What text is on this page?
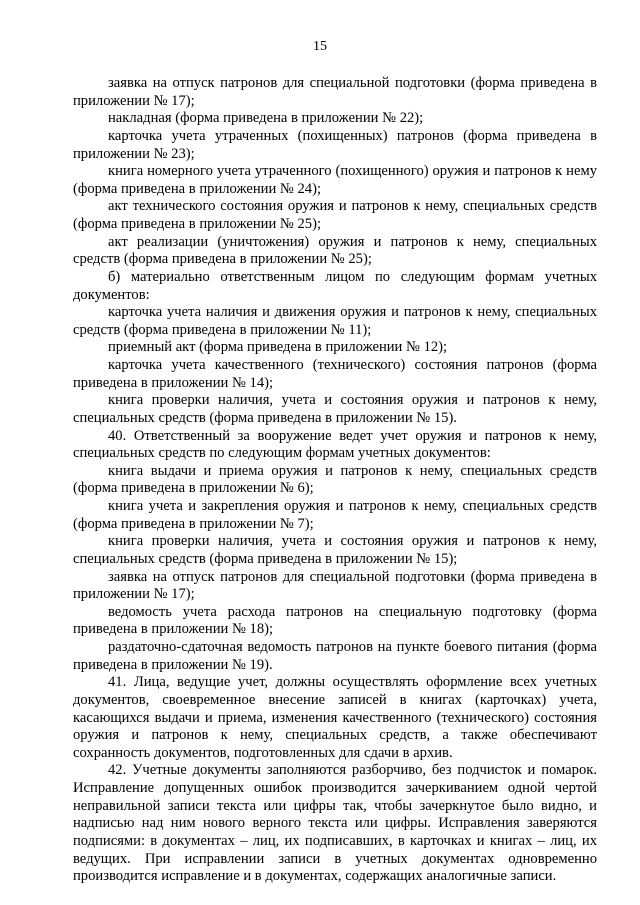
15

заявка на отпуск патронов для специальной подготовки (форма приведена в приложении № 17);

накладная (форма приведена в приложении № 22);

карточка учета утраченных (похищенных) патронов (форма приведена в приложении № 23);

книга номерного учета утраченного (похищенного) оружия и патронов к нему (форма приведена в приложении № 24);

акт технического состояния оружия и патронов к нему, специальных средств (форма приведена в приложении № 25);

акт реализации (уничтожения) оружия и патронов к нему, специальных средств (форма приведена в приложении № 25);

б) материально ответственным лицом по следующим формам учетных документов:

карточка учета наличия и движения оружия и патронов к нему, специальных средств (форма приведена в приложении № 11);

приемный акт (форма приведена в приложении № 12);

карточка учета качественного (технического) состояния патронов (форма приведена в приложении № 14);

книга проверки наличия, учета и состояния оружия и патронов к нему, специальных средств (форма приведена в приложении № 15).

40. Ответственный за вооружение ведет учет оружия и патронов к нему, специальных средств по следующим формам учетных документов:

книга выдачи и приема оружия и патронов к нему, специальных средств (форма приведена в приложении № 6);

книга учета и закрепления оружия и патронов к нему, специальных средств (форма приведена в приложении № 7);

книга проверки наличия, учета и состояния оружия и патронов к нему, специальных средств (форма приведена в приложении № 15);

заявка на отпуск патронов для специальной подготовки (форма приведена в приложении № 17);

ведомость учета расхода патронов на специальную подготовку (форма приведена в приложении № 18);

раздаточно-сдаточная ведомость патронов на пункте боевого питания (форма приведена в приложении № 19).

41. Лица, ведущие учет, должны осуществлять оформление всех учетных документов, своевременное внесение записей в книгах (карточках) учета, касающихся выдачи и приема, изменения качественного (технического) состояния оружия и патронов к нему, специальных средств, а также обеспечивают сохранность документов, подготовленных для сдачи в архив.

42. Учетные документы заполняются разборчиво, без подчисток и помарок. Исправление допущенных ошибок производится зачеркиванием одной чертой неправильной записи текста или цифры так, чтобы зачеркнутое было видно, и надписью над ним нового верного текста или цифры. Исправления заверяются подписями: в документах – лиц, их подписавших, в карточках и книгах – лиц, их ведущих. При исправлении записи в учетных документах одновременно производится исправление и в документах, содержащих аналогичные записи.
